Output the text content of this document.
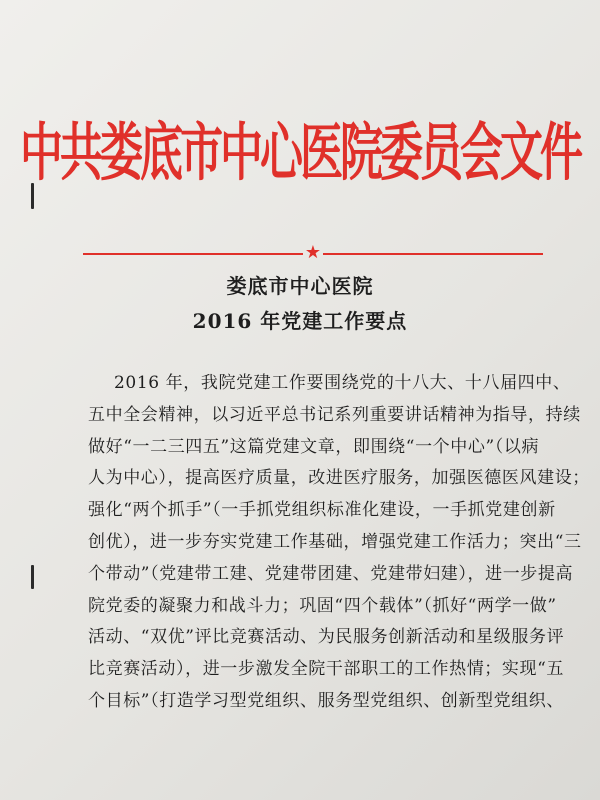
中共娄底市中心医院委员会文件
★
娄底市中心医院
2016 年党建工作要点
2016 年，我院党建工作要围绕党的十八大、十八届四中、
五中全会精神，以习近平总书记系列重要讲话精神为指导，持续
做好“一二三四五”这篇党建文章，即围绕“一个中心”（以病
人为中心），提高医疗质量，改进医疗服务，加强医德医风建设；
强化“两个抓手”（一手抓党组织标准化建设，一手抓党建创新
创优），进一步夯实党建工作基础，增强党建工作活力；突出“三
个带动”（党建带工建、党建带团建、党建带妇建），进一步提高
院党委的凝聚力和战斗力；巩固“四个载体”（抓好“两学一做”
活动、“双优”评比竞赛活动、为民服务创新活动和星级服务评
比竞赛活动），进一步激发全院干部职工的工作热情；实现“五
个目标”（打造学习型党组织、服务型党组织、创新型党组织、
